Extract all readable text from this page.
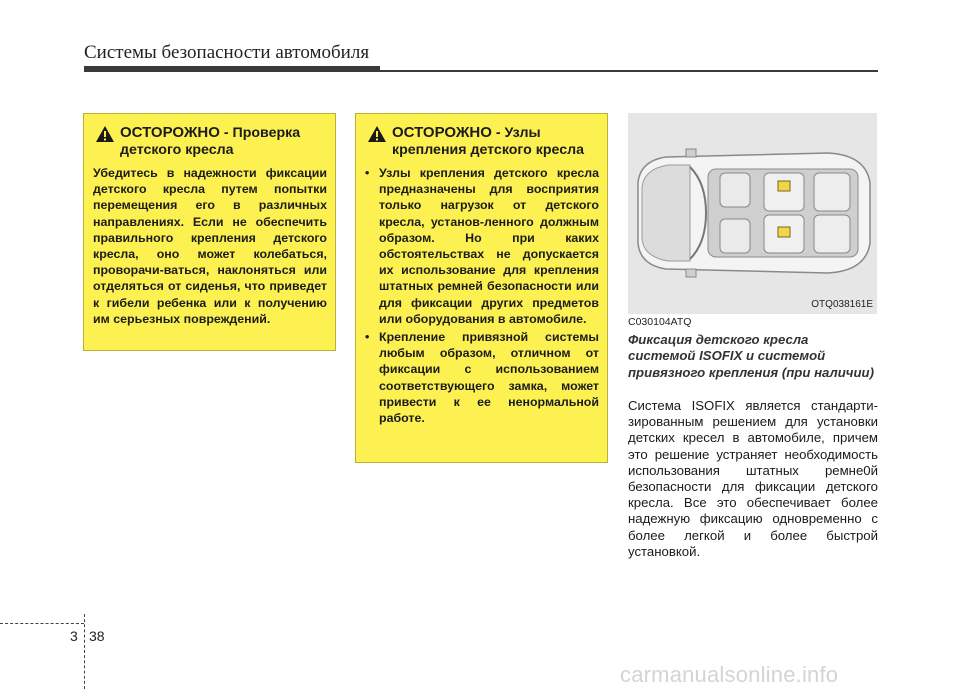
Системы безопасности автомобиля
ОСТОРОЖНО - Проверка детского кресла
Убедитесь в надежности фиксации детского кресла путем попытки перемещения его в различных направлениях. Если не обеспечить правильного крепления детского кресла, оно может колебаться, проворачи-ваться, наклоняться или отделяться от сиденья, что приведет к гибели ребенка или к получению им серьезных повреждений.
ОСТОРОЖНО - Узлы крепления детского кресла
• Узлы крепления детского кресла предназначены для восприятия только нагрузок от детского кресла, установ-ленного должным образом. Но при каких обстоятельствах не допускается их использование для крепления штатных ремней безопасности или для фиксации других предметов или оборудования в автомобиле.
• Крепление привязной системы любым образом, отличном от фиксации с использованием соответствующего замка, может привести к ее ненормальной работе.
OTQ038161E
C030104ATQ
Фиксация детского кресла системой ISOFIX и системой привязного крепления (при наличии)
Система ISOFIX является стандарти-зированным решением для установки детских кресел в автомобиле, причем это решение устраняет необходимость использования штатных ремне0й безопасности для фиксации детского кресла. Все это обеспечивает более надежную фиксацию одновременно с более легкой и более быстрой установкой.
3 38
carmanualsonline.info
